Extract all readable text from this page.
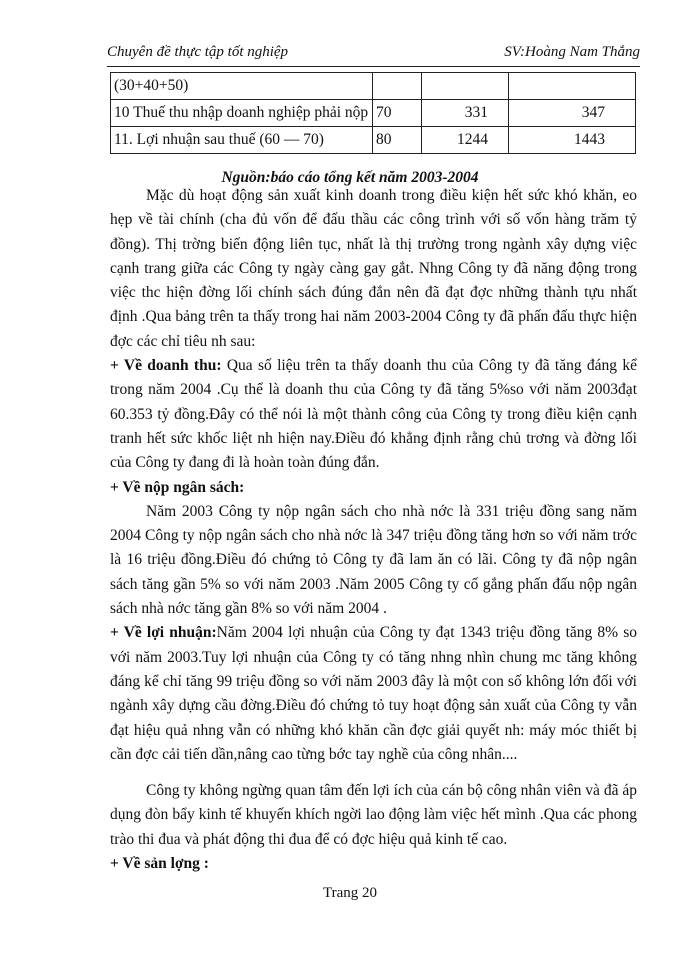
Chuyên đề thực tập tốt nghiệp	SV:Hoàng Nam Thắng
(30+40+50)			
10 Thuế thu nhập doanh nghiệp phải nộp	70	331	347
11. Lợi nhuận sau thuế (60 — 70)	80	1244	1443
Nguồn:báo cáo tổng kết năm 2003-2004

Mặc dù hoạt động sản xuất kinh doanh trong điều kiện hết sức khó khăn, eo hẹp về tài chính (cha đủ vốn để đấu thầu các công trình với số vốn hàng trăm tỷ đồng). Thị trờng biến động liên tục, nhất là thị trường trong ngành xây dựng việc cạnh trang giữa các Công ty ngày càng gay gắt. Nhng Công ty đã năng động trong việc thc hiện đờng lối chính sách đúng đắn nên đã đạt đợc những thành tựu nhất định .Qua bảng trên ta thấy trong hai năm 2003-2004 Công ty đã phấn đấu thực hiện đợc các chỉ tiêu nh sau:

+ Về doanh thu: Qua số liệu trên ta thấy doanh thu của Công ty đã tăng đáng kể trong năm 2004 .Cụ thể là doanh thu của Công ty đã tăng 5%so với năm 2003đạt 60.353 tỷ đồng.Đây có thể nói là một thành công của Công ty trong điều kiện cạnh tranh hết sức khốc liệt nh hiện nay.Điều đó khẳng định rằng chủ trơng và đờng lối của Công ty đang đi là hoàn toàn đúng đắn.

+ Về nộp ngân sách:

Năm 2003 Công ty nộp ngân sách cho nhà nớc là 331 triệu đồng sang năm 2004 Công ty nộp ngân sách cho nhà nớc là 347 triệu đồng tăng hơn so với năm trớc là 16 triệu đồng.Điều đó chứng tỏ Công ty đã lam ăn có lãi. Công ty đã nộp ngân sách tăng gần 5% so với năm 2003 .Năm 2005 Công ty cố gắng phấn đấu nộp ngân sách nhà nớc tăng gần 8% so với năm 2004 .

+ Về lợi nhuận:Năm 2004 lợi nhuận của Công ty đạt 1343 triệu đồng tăng 8% so với năm 2003.Tuy lợi nhuận của Công ty có tăng nhng nhìn chung mc tăng không đáng kể chỉ tăng 99 triệu đồng so với năm 2003 đây là một con số không lớn đối với ngành xây dựng cầu đờng.Điều đó chứng tỏ tuy hoạt động sản xuất của Công ty vẫn đạt hiệu quả nhng vẫn có những khó khăn cần đợc giải quyết nh: máy móc thiết bị cần đợc cải tiến dần,nâng cao từng bớc tay nghề của công nhân....

Công ty không ngừng quan tâm đến lợi ích của cán bộ công nhân viên và đã áp dụng đòn bẩy kinh tế khuyến khích ngời lao động làm việc hết mình .Qua các phong trào thi đua và phát động thi đua để có đợc hiệu quả kinh tế cao.

+ Về sản lợng :

Trang 20
